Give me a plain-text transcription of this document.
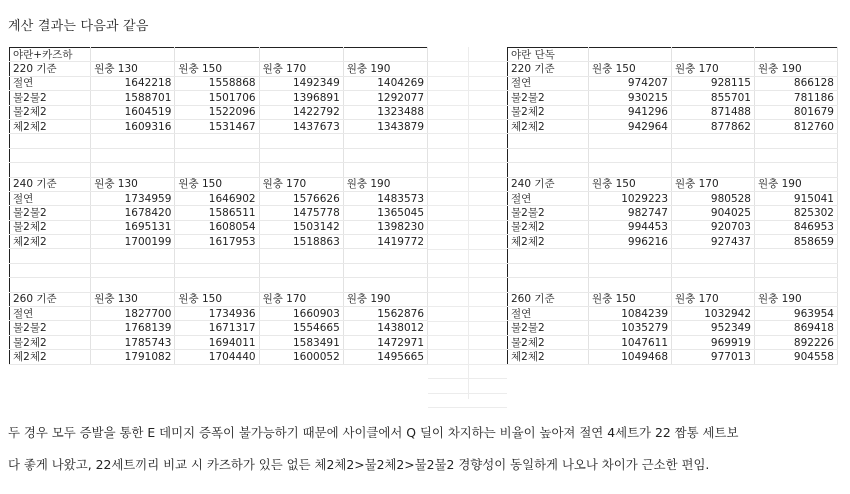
계산 결과는 다음과 같음
야란+카즈하				
220 기준	원충 130	원충 150	원충 170	원충 190
절연	1642218	1558868	1492349	1404269
물2물2	1588701	1501706	1396891	1292077
물2체2	1604519	1522096	1422792	1323488
체2체2	1609316	1531467	1437673	1343879

240 기준	원충 130	원충 150	원충 170	원충 190
절연	1734959	1646902	1576626	1483573
물2물2	1678420	1586511	1475778	1365045
물2체2	1695131	1608054	1503142	1398230
체2체2	1700199	1617953	1518863	1419772

260 기준	원충 130	원충 150	원충 170	원충 190
절연	1827700	1734936	1660903	1562876
물2물2	1768139	1671317	1554665	1438012
물2체2	1785743	1694011	1583491	1472971
체2체2	1791082	1704440	1600052	1495665
야란 단독			
220 기준	원충 150	원충 170	원충 190
절연	974207	928115	866128
물2물2	930215	855701	781186
물2체2	941296	871488	801679
체2체2	942964	877862	812760

240 기준	원충 150	원충 170	원충 190
절연	1029223	980528	915041
물2물2	982747	904025	825302
물2체2	994453	920703	846953
체2체2	996216	927437	858659

260 기준	원충 150	원충 170	원충 190
절연	1084239	1032942	963954
물2물2	1035279	952349	869418
물2체2	1047611	969919	892226
체2체2	1049468	977013	904558
두 경우 모두 증발을 통한 E 데미지 증폭이 불가능하기 때문에 사이클에서 Q 딜이 차지하는 비율이 높아져 절연 4세트가 22 짬통 세트보
다 좋게 나왔고, 22세트끼리 비교 시 카즈하가 있든 없든 체2체2>물2체2>물2물2 경향성이 동일하게 나오나 차이가 근소한 편임.
